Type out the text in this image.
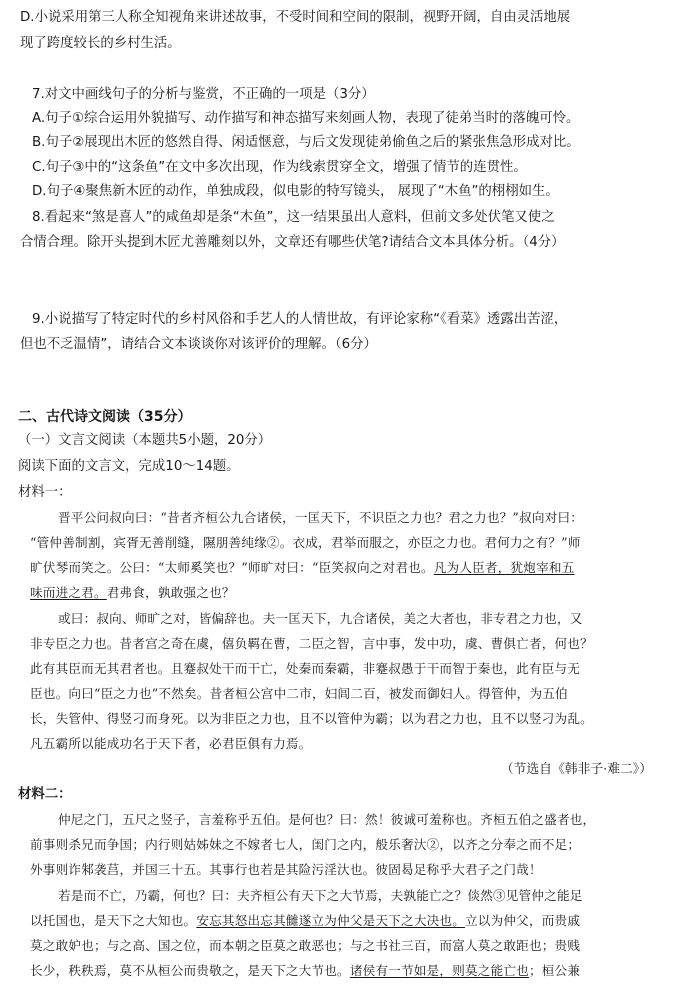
D.小说采用第三人称全知视角来讲述故事，不受时间和空间的限制，视野开阔，自由灵活地展
现了跨度较长的乡村生活。
7.对文中画线句子的分析与鉴赏，不正确的一项是（3分）
A.句子①综合运用外貌描写、动作描写和神态描写来刻画人物，表现了徒弟当时的落魄可怜。
B.句子②展现出木匠的悠然自得、闲适惬意，与后文发现徒弟偷鱼之后的紧张焦急形成对比。
C.句子③中的“这条鱼”在文中多次出现，作为线索贯穿全文，增强了情节的连贯性。
D.句子④聚焦新木匠的动作，单独成段，似电影的特写镜头， 展现了“木鱼”的栩栩如生。
8.看起来“煞是喜人”的咸鱼却是条“木鱼”，这一结果虽出人意料，但前文多处伏笔又使之
合情合理。除开头提到木匠尤善雕刻以外，文章还有哪些伏笔?请结合文本具体分析。（4分）
9.小说描写了特定时代的乡村风俗和手艺人的人情世故，有评论家称“《看菜》透露出苦涩，
但也不乏温情”，请结合文本谈谈你对该评价的理解。（6分）
二、古代诗文阅读（35分）
（一）文言文阅读（本题共5小题，20分）
阅读下面的文言文，完成10～14题。
材料一：
晋平公问叔向曰：“昔者齐桓公九合诸侯，一匡天下，不识臣之力也？君之力也？”叔向对曰：
“管仲善制割，宾胥无善削缝，隰朋善纯缘②。衣成，君举而服之，亦臣之力也。君何力之有？”师
旷伏琴而笑之。公曰：“太师奚笑也？”师旷对曰：“臣笑叔向之对君也。凡为人臣者，犹炮宰和五
味而进之君。君弗食，孰敢强之也？
或曰：叔向、师旷之对，皆偏辞也。夫一匡天下，九合诸侯，美之大者也，非专君之力也，又
非专臣之力也。昔者宫之奇在虞，僖负羁在曹，二臣之智，言中事，发中功，虞、曹俱亡者，何也？
此有其臣而无其君者也。且蹇叔处干而干亡，处秦而秦霸，非蹇叔愚于干而智于秦也，此有臣与无
臣也。向曰“臣之力也”不然矣。昔者桓公宫中二市，妇闾二百，被发而御妇人。得管仲，为五伯
长，失管仲、得竖刁而身死。以为非臣之力也，且不以管仲为霸；以为君之力也，且不以竖刁为乱。
凡五霸所以能成功名于天下者，必君臣俱有力焉。
（节选自《韩非子·难二》）
材料二：
仲尼之门，五尺之竖子，言羞称乎五伯。是何也？曰：然！彼诚可羞称也。齐桓五伯之盛者也，
前事则杀兄而争国；内行则姑姊妹之不嫁者七人，闺门之内，般乐奢汏②，以齐之分奉之而不足；
外事则诈邾袭莒，并国三十五。其事行也若是其险污淫汏也。彼固曷足称乎大君子之门哉！
若是而不亡，乃霸，何也？曰：夫齐桓公有天下之大节焉，夫孰能亡之？倓然③见管仲之能足
以托国也，是天下之大知也。安忘其怒出忘其雠遂立为仲父是天下之大决也。立以为仲父，而贵戚
莫之敢妒也；与之高、国之位，而本朝之臣莫之敢恶也；与之书社三百，而富人莫之敢距也；贵贱
长少，秩秩焉，莫不从桓公而贵敬之，是天下之大节也。诸侯有一节如是，则莫之能亡也；桓公兼
